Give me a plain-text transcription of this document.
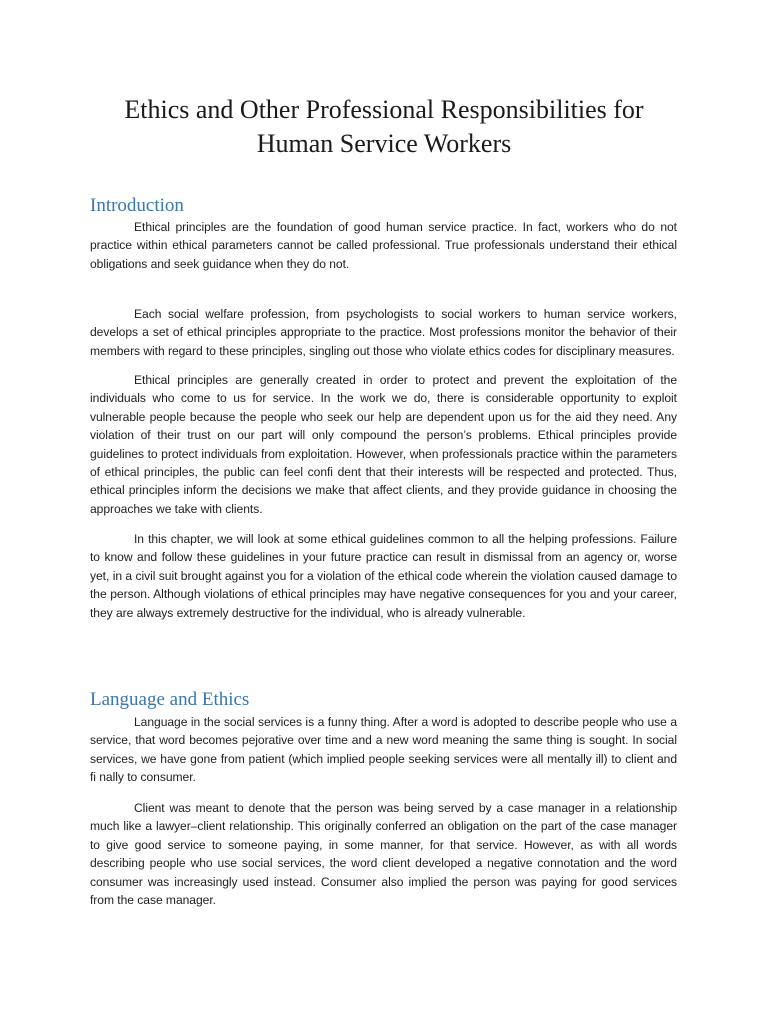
Ethics and Other Professional Responsibilities for
Human Service Workers
Introduction

Ethical principles are the foundation of good human service practice. In fact, workers who do not practice within ethical parameters cannot be called professional. True professionals understand their ethical obligations and seek guidance when they do not.

Each social welfare profession, from psychologists to social workers to human service workers, develops a set of ethical principles appropriate to the practice. Most professions monitor the behavior of their members with regard to these principles, singling out those who violate ethics codes for disciplinary measures.

Ethical principles are generally created in order to protect and prevent the exploitation of the individuals who come to us for service. In the work we do, there is considerable opportunity to exploit vulnerable people because the people who seek our help are dependent upon us for the aid they need. Any violation of their trust on our part will only compound the person’s problems. Ethical principles provide guidelines to protect individuals from exploitation. However, when professionals practice within the parameters of ethical principles, the public can feel confi dent that their interests will be respected and protected. Thus, ethical principles inform the decisions we make that affect clients, and they provide guidance in choosing the approaches we take with clients.

In this chapter, we will look at some ethical guidelines common to all the helping professions. Failure to know and follow these guidelines in your future practice can result in dismissal from an agency or, worse yet, in a civil suit brought against you for a violation of the ethical code wherein the violation caused damage to the person. Although violations of ethical principles may have negative consequences for you and your career, they are always extremely destructive for the individual, who is already vulnerable.

Language and Ethics

Language in the social services is a funny thing. After a word is adopted to describe people who use a service, that word becomes pejorative over time and a new word meaning the same thing is sought. In social services, we have gone from patient (which implied people seeking services were all mentally ill) to client and fi nally to consumer.

Client was meant to denote that the person was being served by a case manager in a relationship much like a lawyer–client relationship. This originally conferred an obligation on the part of the case manager to give good service to someone paying, in some manner, for that service. However, as with all words describing people who use social services, the word client developed a negative connotation and the word consumer was increasingly used instead. Consumer also implied the person was paying for good services from the case manager.
